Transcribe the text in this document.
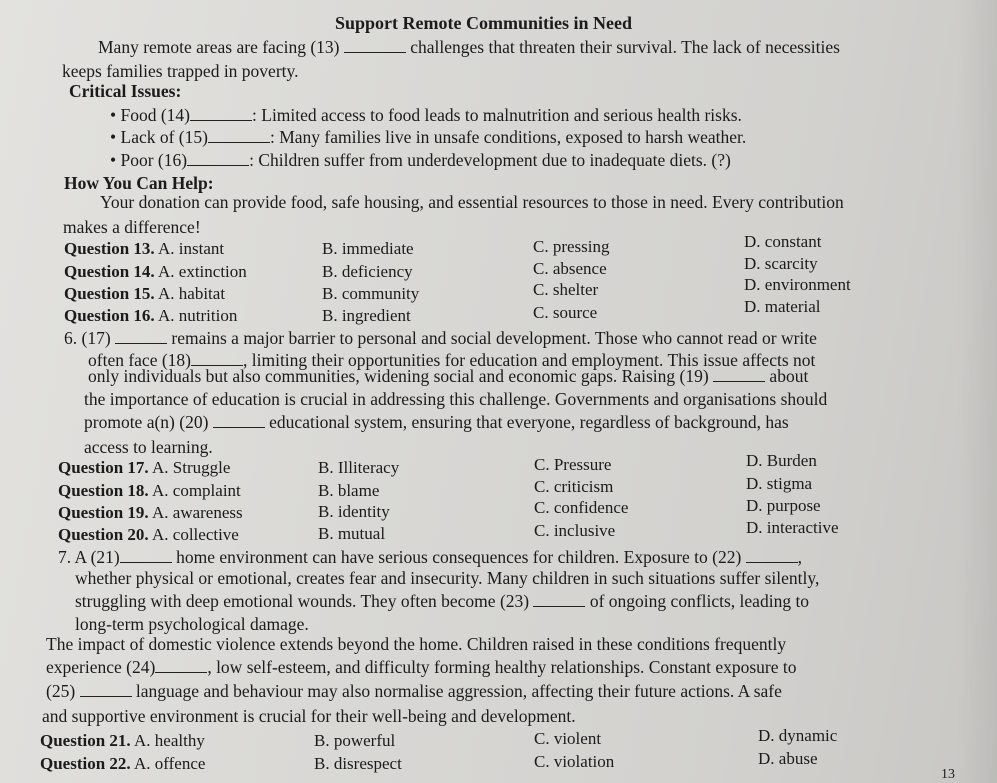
Support Remote Communities in Need
Many remote areas are facing (13)	challenges that threaten their survival. The lack of necessities
keeps families trapped in poverty.
Critical Issues:
• Food (14)	: Limited access to food leads to malnutrition and serious health risks.
• Lack of (15)	: Many families live in unsafe conditions, exposed to harsh weather.
• Poor (16)	: Children suffer from underdevelopment due to inadequate diets. (?)
How You Can Help:
Your donation can provide food, safe housing, and essential resources to those in need. Every contribution
makes a difference!
Question 13. A. instant	B. immediate	C. pressing	D. constant
Question 14. A. extinction	B. deficiency	C. absence	D. scarcity
Question 15. A. habitat	B. community	C. shelter	D. environment
Question 16. A. nutrition	B. ingredient	C. source	D. material
6. (17)	remains a major barrier to personal and social development. Those who cannot read or write
often face (18)	, limiting their opportunities for education and employment. This issue affects not
only individuals but also communities, widening social and economic gaps. Raising (19)	about
the importance of education is crucial in addressing this challenge. Governments and organisations should
promote a(n) (20)	educational system, ensuring that everyone, regardless of background, has
access to learning.
Question 17. A. Struggle	B. Illiteracy	C. Pressure	D. Burden
Question 18. A. complaint	B. blame	C. criticism	D. stigma
Question 19. A. awareness	B. identity	C. confidence	D. purpose
Question 20. A. collective	B. mutual	C. inclusive	D. interactive
7. A (21)	home environment can have serious consequences for children. Exposure to (22)	,
whether physical or emotional, creates fear and insecurity. Many children in such situations suffer silently,
struggling with deep emotional wounds. They often become (23)	of ongoing conflicts, leading to
long-term psychological damage.
The impact of domestic violence extends beyond the home. Children raised in these conditions frequently
experience (24)	, low self-esteem, and difficulty forming healthy relationships. Constant exposure to
(25)	language and behaviour may also normalise aggression, affecting their future actions. A safe
and supportive environment is crucial for their well-being and development.
Question 21. A. healthy	B. powerful	C. violent	D. dynamic
Question 22. A. offence	B. disrespect	C. violation	D. abuse
13
